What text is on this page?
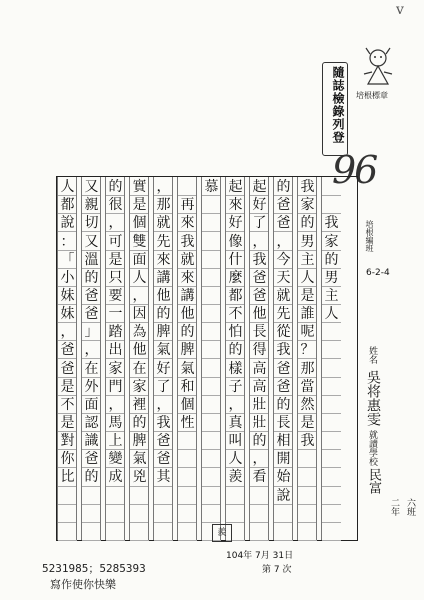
v
隨誌檢錄列登 培根標章
96
人
都
說
：
「
小
妹
妹
，
爸
爸
是
不
是
對
你
比
又
親
切
又
溫
的
爸
爸
」
，
在
外
面
認
識
爸
的
的
很
，
可
是
只
要
一
踏
出
家
門
，
馬
上
變
成
實
是
個
雙
面
人
，
因
為
他
在
家
裡
的
脾
氣
兇
，
那
就
先
來
講
他
的
脾
氣
好
了
，
我
爸
爸
其
再
來
我
就
來
講
他
的
脾
氣
和
個
性
慕 起
來
好
像
什
麼
都
不
怕
的
樣
子
，
真
叫
人
羨
起
好
了
，
我
爸
爸
他
長
得
高
高
壯
壯
的
，
看
的
爸
爸
，
今
天
就
先
從
我
爸
爸
的
長
相
開
始
說
我
家
的
男
主
人
是
誰
呢
？
那
當
然
是
我
我
家
的
男
主
人
培根編班
6-2-4
姓名
吳将惠雯
就讀學校
民富
二年 六班
羨
104年 7月 31日
第 7 次
5231985；5285393
寫作使你快樂
